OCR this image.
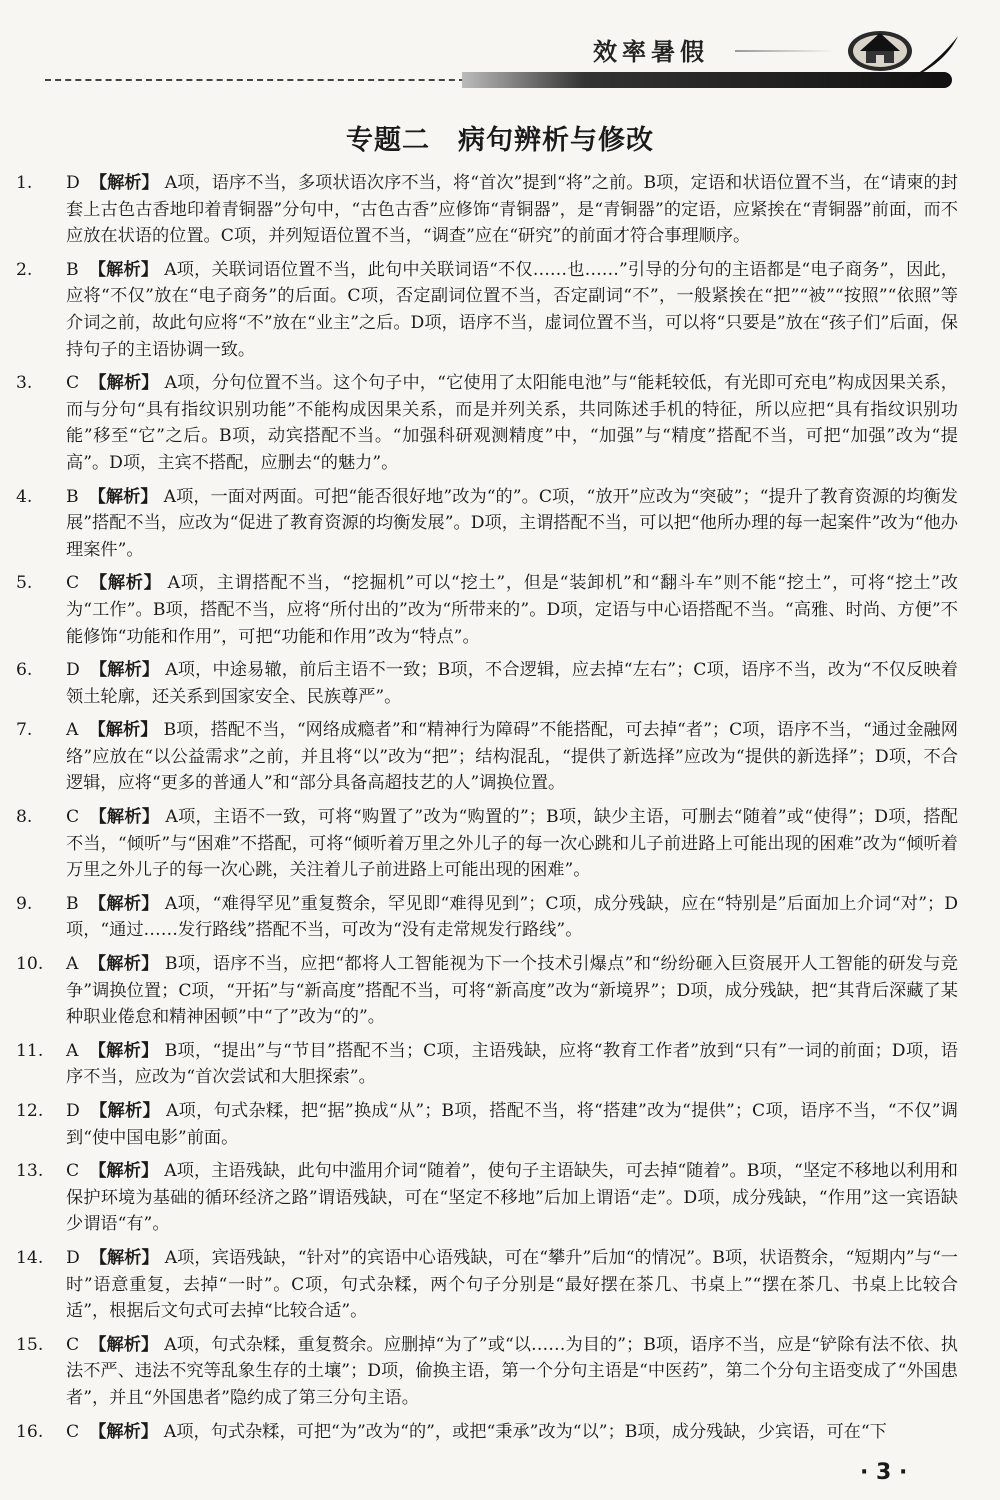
效率暑假
专题二　病句辨析与修改
1.	D 【解析】 A项，语序不当，多项状语次序不当，将“首次”提到“将”之前。B项，定语和状语位置不当，在“请柬的封套上古色古香地印着青铜器”分句中，“古色古香”应修饰“青铜器”，是“青铜器”的定语，应紧挨在“青铜器”前面，而不应放在状语的位置。C项，并列短语位置不当，“调查”应在“研究”的前面才符合事理顺序。
2.	B 【解析】 A项，关联词语位置不当，此句中关联词语“不仅……也……”引导的分句的主语都是“电子商务”，因此，应将“不仅”放在“电子商务”的后面。C项，否定副词位置不当，否定副词“不”，一般紧挨在“把”“被”“按照”“依照”等介词之前，故此句应将“不”放在“业主”之后。D项，语序不当，虚词位置不当，可以将“只要是”放在“孩子们”后面，保持句子的主语协调一致。
3.	C 【解析】 A项，分句位置不当。这个句子中，“它使用了太阳能电池”与“能耗较低，有光即可充电”构成因果关系，而与分句“具有指纹识别功能”不能构成因果关系，而是并列关系，共同陈述手机的特征，所以应把“具有指纹识别功能”移至“它”之后。B项，动宾搭配不当。“加强科研观测精度”中，“加强”与“精度”搭配不当，可把“加强”改为“提高”。D项，主宾不搭配，应删去“的魅力”。
4.	B 【解析】 A项，一面对两面。可把“能否很好地”改为“的”。C项，“放开”应改为“突破”；“提升了教育资源的均衡发展”搭配不当，应改为“促进了教育资源的均衡发展”。D项，主谓搭配不当，可以把“他所办理的每一起案件”改为“他办理案件”。
5.	C 【解析】 A项，主谓搭配不当，“挖掘机”可以“挖土”，但是“装卸机”和“翻斗车”则不能“挖土”，可将“挖土”改为“工作”。B项，搭配不当，应将“所付出的”改为“所带来的”。D项，定语与中心语搭配不当。“高雅、时尚、方便”不能修饰“功能和作用”，可把“功能和作用”改为“特点”。
6.	D 【解析】 A项，中途易辙，前后主语不一致；B项，不合逻辑，应去掉“左右”；C项，语序不当，改为“不仅反映着领土轮廓，还关系到国家安全、民族尊严”。
7.	A 【解析】 B项，搭配不当，“网络成瘾者”和“精神行为障碍”不能搭配，可去掉“者”；C项，语序不当，“通过金融网络”应放在“以公益需求”之前，并且将“以”改为“把”；结构混乱，“提供了新选择”应改为“提供的新选择”；D项，不合逻辑，应将“更多的普通人”和“部分具备高超技艺的人”调换位置。
8.	C 【解析】 A项，主语不一致，可将“购置了”改为“购置的”；B项，缺少主语，可删去“随着”或“使得”；D项，搭配不当，“倾听”与“困难”不搭配，可将“倾听着万里之外儿子的每一次心跳和儿子前进路上可能出现的困难”改为“倾听着万里之外儿子的每一次心跳，关注着儿子前进路上可能出现的困难”。
9.	B 【解析】 A项，“难得罕见”重复赘余，罕见即“难得见到”；C项，成分残缺，应在“特别是”后面加上介词“对”；D项，“通过……发行路线”搭配不当，可改为“没有走常规发行路线”。
10.	A 【解析】 B项，语序不当，应把“都将人工智能视为下一个技术引爆点”和“纷纷砸入巨资展开人工智能的研发与竞争”调换位置；C项，“开拓”与“新高度”搭配不当，可将“新高度”改为“新境界”；D项，成分残缺，把“其背后深藏了某种职业倦怠和精神困顿”中“了”改为“的”。
11.	A 【解析】 B项，“提出”与“节目”搭配不当；C项，主语残缺，应将“教育工作者”放到“只有”一词的前面；D项，语序不当，应改为“首次尝试和大胆探索”。
12.	D 【解析】 A项，句式杂糅，把“据”换成“从”；B项，搭配不当，将“搭建”改为“提供”；C项，语序不当，“不仅”调到“使中国电影”前面。
13.	C 【解析】 A项，主语残缺，此句中滥用介词“随着”，使句子主语缺失，可去掉“随着”。B项，“坚定不移地以利用和保护环境为基础的循环经济之路”谓语残缺，可在“坚定不移地”后加上谓语“走”。D项，成分残缺，“作用”这一宾语缺少谓语“有”。
14.	D 【解析】 A项，宾语残缺，“针对”的宾语中心语残缺，可在“攀升”后加“的情况”。B项，状语赘余，“短期内”与“一时”语意重复，去掉“一时”。C项，句式杂糅，两个句子分别是“最好摆在茶几、书桌上”“摆在茶几、书桌上比较合适”，根据后文句式可去掉“比较合适”。
15.	C 【解析】 A项，句式杂糅，重复赘余。应删掉“为了”或“以……为目的”；B项，语序不当，应是“铲除有法不依、执法不严、违法不究等乱象生存的土壤”；D项，偷换主语，第一个分句主语是“中医药”，第二个分句主语变成了“外国患者”，并且“外国患者”隐约成了第三分句主语。
16.	C 【解析】 A项，句式杂糅，可把“为”改为“的”，或把“秉承”改为“以”；B项，成分残缺，少宾语，可在“下
· 3 ·
